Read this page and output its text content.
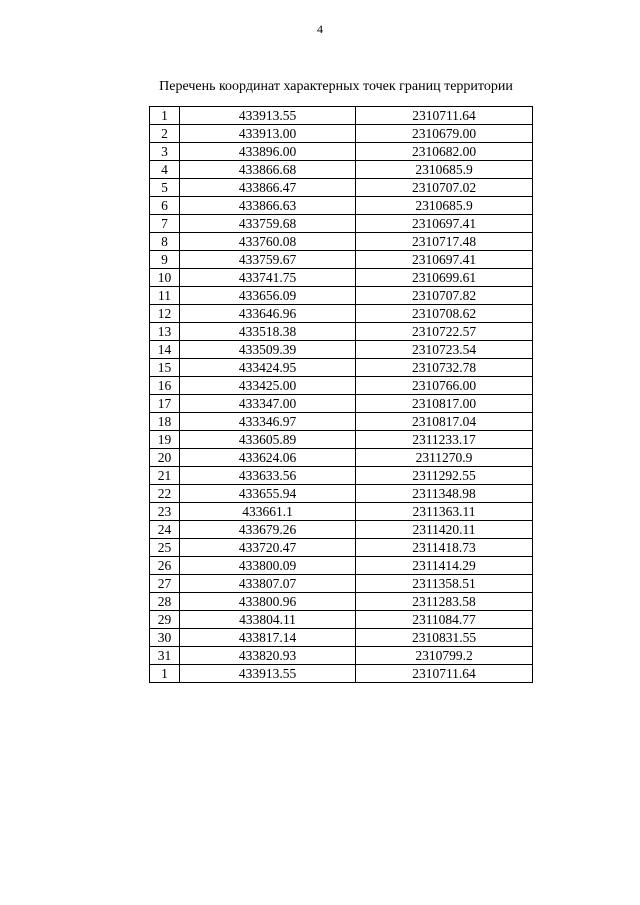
4
Перечень координат характерных точек границ территории
1	433913.55	2310711.64
2	433913.00	2310679.00
3	433896.00	2310682.00
4	433866.68	2310685.9
5	433866.47	2310707.02
6	433866.63	2310685.9
7	433759.68	2310697.41
8	433760.08	2310717.48
9	433759.67	2310697.41
10	433741.75	2310699.61
11	433656.09	2310707.82
12	433646.96	2310708.62
13	433518.38	2310722.57
14	433509.39	2310723.54
15	433424.95	2310732.78
16	433425.00	2310766.00
17	433347.00	2310817.00
18	433346.97	2310817.04
19	433605.89	2311233.17
20	433624.06	2311270.9
21	433633.56	2311292.55
22	433655.94	2311348.98
23	433661.1	2311363.11
24	433679.26	2311420.11
25	433720.47	2311418.73
26	433800.09	2311414.29
27	433807.07	2311358.51
28	433800.96	2311283.58
29	433804.11	2311084.77
30	433817.14	2310831.55
31	433820.93	2310799.2
1	433913.55	2310711.64
